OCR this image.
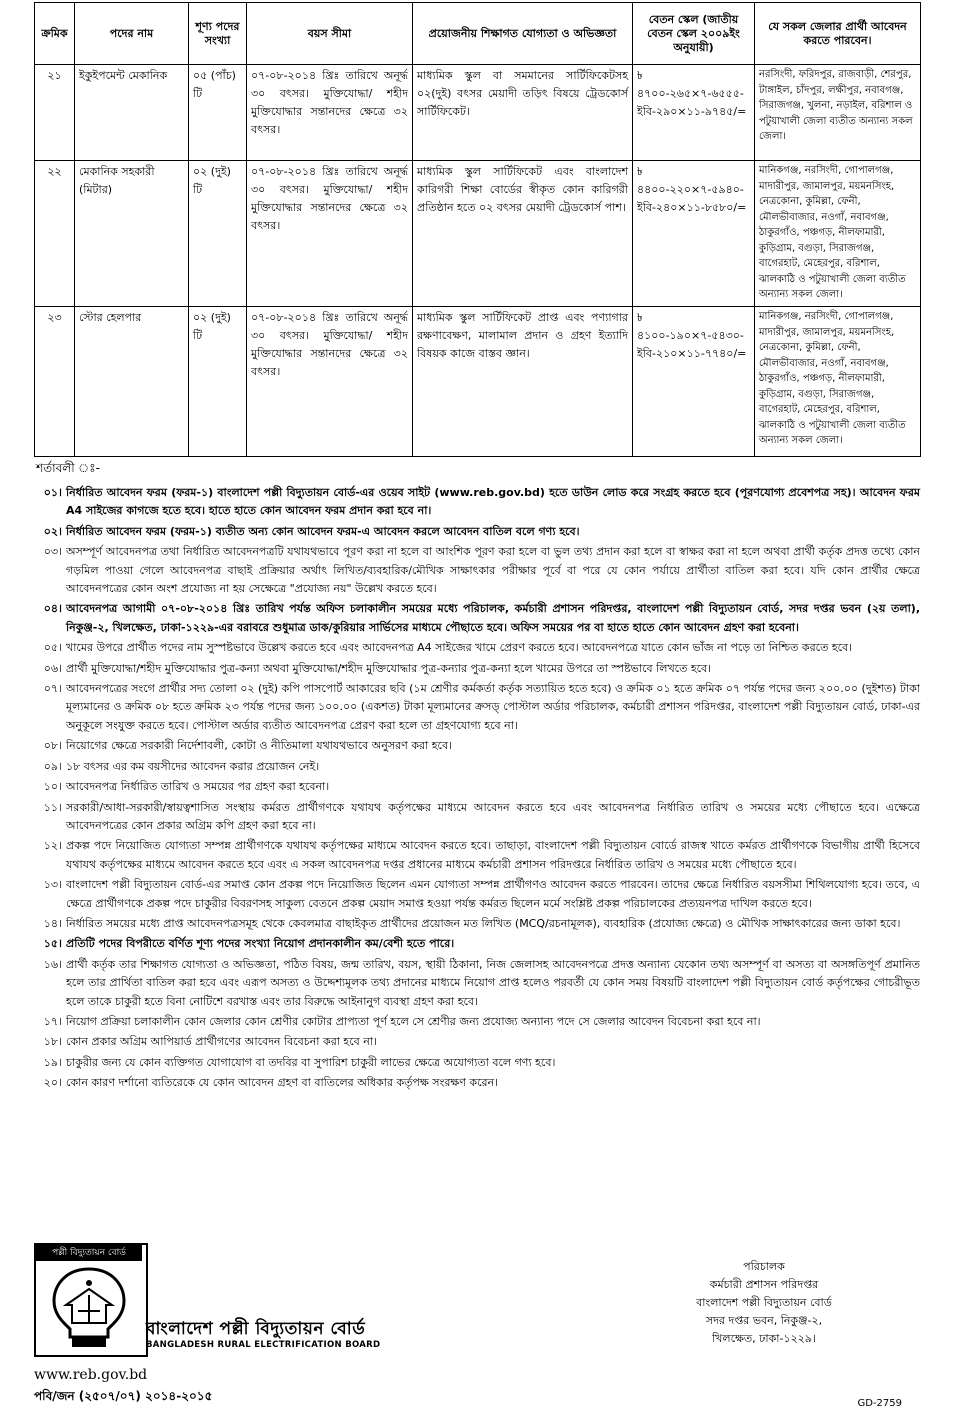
ক্রমিক	পদের নাম	শূণ্য পদের সংখ্যা	বয়স সীমা	প্রয়োজনীয় শিক্ষাগত যোগ্যতা ও অভিজ্ঞতা	বেতন স্কেল (জাতীয় বেতন স্কেল ২০০৯ইং অনুযায়ী)	যে সকল জেলার প্রার্থী আবেদন করতে পারবেন।
২১	ইকুইপমেন্ট মেকানিক	০৫ (পাঁচ) টি	০৭-০৮-২০১৪ খ্রিঃ তারিখে অনূর্দ্ধ ৩০ বৎসর। মুক্তিযোদ্ধা/ শহীদ মুক্তিযোদ্ধার সন্তানদের ক্ষেত্রে ৩২ বৎসর।	মাধ্যমিক স্কুল বা সমমানের সার্টিফিকেটসহ ০২(দুই) বৎসর মেয়াদী তড়িৎ বিষয়ে ট্রেডকোর্স সার্টিফিকেট।	৳ ৪৭০০-২৬৫×৭-৬৫৫৫-ইবি-২৯০×১১-৯৭৪৫/=	নরসিংদী, ফরিদপুর, রাজবাড়ী, শেরপুর, টাঙ্গাইল, চাঁদপুর, লক্ষীপুর, নবাবগঞ্জ, সিরাজগঞ্জ, খুলনা, নড়াইল, বরিশাল ও পটুয়াখালী জেলা ব্যতীত অন্যান্য সকল জেলা।
২২	মেকানিক সহকারী (মিটার)	০২ (দুই) টি	০৭-০৮-২০১৪ খ্রিঃ তারিখে অনূর্দ্ধ ৩০ বৎসর। মুক্তিযোদ্ধা/ শহীদ মুক্তিযোদ্ধার সন্তানদের ক্ষেত্রে ৩২ বৎসর।	মাধ্যমিক স্কুল সার্টিফিকেট এবং বাংলাদেশ কারিগরী শিক্ষা বোর্ডের স্বীকৃত কোন কারিগরী প্রতিষ্ঠান হতে ০২ বৎসর মেয়াদী ট্রেডকোর্স পাশ।	৳ ৪৪০০-২২০×৭-৫৯৪০-ইবি-২৪০×১১-৮৫৮০/=	মানিকগঞ্জ, নরসিংদী, গোপালগঞ্জ, মাদারীপুর, জামালপুর, ময়মনসিংহ, নেত্রকোনা, কুমিল্লা, ফেনী, মৌলভীবাজার, নওগাঁ, নবাবগঞ্জ, ঠাকুরগাঁও, পঞ্চগড়, নীলফামারী, কুড়িগ্রাম, বগুড়া, সিরাজগঞ্জ, বাগেরহাট, মেহেরপুর, বরিশাল, ঝালকাঠি ও পটুয়াখালী জেলা ব্যতীত অন্যান্য সকল জেলা।
২৩	স্টোর হেলপার	০২ (দুই) টি	০৭-০৮-২০১৪ খ্রিঃ তারিখে অনূর্দ্ধ ৩০ বৎসর। মুক্তিযোদ্ধা/ শহীদ মুক্তিযোদ্ধার সন্তানদের ক্ষেত্রে ৩২ বৎসর।	মাধ্যমিক স্কুল সার্টিফিকেট প্রাপ্ত এবং পণ্যাগার রক্ষণাবেক্ষণ, মালামাল প্রদান ও গ্রহণ ইত্যাদি বিষয়ক কাজে বাস্তব জ্ঞান।	৳ ৪১০০-১৯০×৭-৫৪৩০-ইবি-২১০×১১-৭৭৪০/=	মানিকগঞ্জ, নরসিংদী, গোপালগঞ্জ, মাদারীপুর, জামালপুর, ময়মনসিংহ, নেত্রকোনা, কুমিল্লা, ফেনী, মৌলভীবাজার, নওগাঁ, নবাবগঞ্জ, ঠাকুরগাঁও, পঞ্চগড়, নীলফামারী, কুড়িগ্রাম, বগুড়া, সিরাজগঞ্জ, বাগেরহাট, মেহেরপুর, বরিশাল, ঝালকাঠি ও পটুয়াখালী জেলা ব্যতীত অন্যান্য সকল জেলা।
শর্তাবলী ঃ-
০১। নির্ধারিত আবেদন ফরম (ফরম-১) বাংলাদেশ পল্লী বিদ্যুতায়ন বোর্ড-এর ওয়েব সাইট (www.reb.gov.bd) হতে ডাউন লোড করে সংগ্রহ করতে হবে (পূরণযোগ্য প্রবেশপত্র সহ)। আবেদন ফরম A4 সাইজের কাগজে হতে হবে। হাতে হাতে কোন আবেদন ফরম প্রদান করা হবে না।
০২। নির্ধারিত আবেদন ফরম (ফরম-১) ব্যতীত অন্য কোন আবেদন ফরম-এ আবেদন করলে আবেদন বাতিল বলে গণ্য হবে।
০৩। অসম্পূর্ণ আবেদনপত্র তথা নির্ধারিত আবেদনপত্রটি যথাযথভাবে পূরণ করা না হলে বা আংশিক পূরণ করা হলে বা ভুল তথ্য প্রদান করা হলে বা স্বাক্ষর করা না হলে অথবা প্রার্থী কর্তৃক প্রদত্ত তথ্যে কোন গড়মিল পাওয়া গেলে আবেদনপত্র বাছাই প্রক্রিয়ার অর্থাৎ লিখিত/ব্যবহারিক/মৌখিক সাক্ষাৎকার পরীক্ষার পূর্বে বা পরে যে কোন পর্যায়ে প্রার্থীতা বাতিল করা হবে। যদি কোন প্রার্থীর ক্ষেত্রে আবেদনপত্রের কোন অংশ প্রযোজ্য না হয় সেক্ষেত্রে "প্রযোজ্য নয়" উল্লেখ করতে হবে।
০৪। আবেদনপত্র আগামী ০৭-০৮-২০১৪ খ্রিঃ তারিখ পর্যন্ত অফিস চলাকালীন সময়ের মধ্যে পরিচালক, কর্মচারী প্রশাসন পরিদপ্তর, বাংলাদেশ পল্লী বিদ্যুতায়ন বোর্ড, সদর দপ্তর ভবন (২য় তলা), নিকুঞ্জ-২, খিলক্ষেত, ঢাকা-১২২৯-এর বরাবরে শুধুমাত্র ডাক/কুরিয়ার সার্ভিসের মাধ্যমে পৌছাতে হবে। অফিস সময়ের পর বা হাতে হাতে কোন আবেদন গ্রহণ করা হবেনা।
০৫। খামের উপরে প্রার্থীত পদের নাম সুস্পষ্টভাবে উল্লেখ করতে হবে এবং আবেদনপত্র A4 সাইজের খামে প্রেরণ করতে হবে। আবেদনপত্রে যাতে কোন ভাঁজ না পড়ে তা নিশ্চিত করতে হবে।
০৬। প্রার্থী মুক্তিযোদ্ধা/শহীদ মুক্তিযোদ্ধার পুত্র-কন্যা অথবা মুক্তিযোদ্ধা/শহীদ মুক্তিযোদ্ধার পুত্র-কন্যার পুত্র-কন্যা হলে খামের উপরে তা স্পষ্টভাবে লিখতে হবে।
০৭। আবেদনপত্রের সংগে প্রার্থীর সদ্য তোলা ০২ (দুই) কপি পাসপোর্ট আকারের ছবি (১ম শ্রেণীর কর্মকর্তা কর্তৃক সত্যায়িত হতে হবে) ও ক্রমিক ০১ হতে ক্রমিক ০৭ পর্যন্ত পদের জন্য ২০০.০০ (দুইশত) টাকা মূল্যমানের ও ক্রমিক ০৮ হতে ক্রমিক ২৩ পর্যন্ত পদের জন্য ১০০.০০ (একশত) টাকা মূল্যমানের ক্রসড্ পোস্টাল অর্ডার পরিচালক, কর্মচারী প্রশাসন পরিদপ্তর, বাংলাদেশ পল্লী বিদ্যুতায়ন বোর্ড, ঢাকা-এর অনুকূলে সংযুক্ত করতে হবে। পোস্টাল অর্ডার ব্যতীত আবেদনপত্র প্রেরণ করা হলে তা গ্রহণযোগ্য হবে না।
০৮। নিয়োগের ক্ষেত্রে সরকারী নির্দেশাবলী, কোটা ও নীতিমালা যথাযথভাবে অনুসরণ করা হবে।
০৯। ১৮ বৎসর এর কম বয়সীদের আবেদন করার প্রয়োজন নেই।
১০। আবেদনপত্র নির্ধারিত তারিখ ও সময়ের পর গ্রহণ করা হবেনা।
১১। সরকারী/আধা-সরকারী/স্বায়ত্বশাসিত সংস্থায় কর্মরত প্রার্থীগণকে যথাযথ কর্তৃপক্ষের মাধ্যমে আবেদন করতে হবে এবং আবেদনপত্র নির্ধারিত তারিখ ও সময়ের মধ্যে পৌছাতে হবে। এক্ষেত্রে আবেদনপত্রের কোন প্রকার অগ্রিম কপি গ্রহণ করা হবে না।
১২। প্রকল্প পদে নিয়োজিত যোগ্যতা সম্পন্ন প্রার্থীগণকে যথাযথ কর্তৃপক্ষের মাধ্যমে আবেদন করতে হবে। তাছাড়া, বাংলাদেশ পল্লী বিদ্যুতায়ন বোর্ডে রাজস্ব খাতে কর্মরত প্রার্থীগণকে বিভাগীয় প্রার্থী হিসেবে যথাযথ কর্তৃপক্ষের মাধ্যমে আবেদন করতে হবে এবং এ সকল আবেদনপত্র দপ্তর প্রধানের মাধ্যমে কর্মচারী প্রশাসন পরিদপ্তরে নির্ধারিত তারিখ ও সময়ের মধ্যে পৌছাতে হবে।
১৩। বাংলাদেশ পল্লী বিদ্যুতায়ন বোর্ড-এর সমাপ্ত কোন প্রকল্প পদে নিয়োজিত ছিলেন এমন যোগ্যতা সম্পন্ন প্রার্থীগণও আবেদন করতে পারবেন। তাদের ক্ষেত্রে নির্ধারিত বয়সসীমা শিথিলযোগ্য হবে। তবে, এ ক্ষেত্রে প্রার্থীগণকে প্রকল্প পদে চাকুরীর বিবরণসহ সাকুল্য বেতনে প্রকল্প মেয়াদ সমাপ্ত হওয়া পর্যন্ত কর্মরত ছিলেন মর্মে সংশ্লিষ্ট প্রকল্প পরিচালকের প্রত্যয়নপত্র দাখিল করতে হবে।
১৪। নির্ধারিত সময়ের মধ্যে প্রাপ্ত আবেদনপত্রসমূহ থেকে কেবলমাত্র বাছাইকৃত প্রার্থীদের প্রয়োজন মত লিখিত (MCQ/রচনামূলক), ব্যবহারিক (প্রযোজ্য ক্ষেত্রে) ও মৌখিক সাক্ষাৎকারের জন্য ডাকা হবে।
১৫। প্রতিটি পদের বিপরীতে বর্ণিত শূণ্য পদের সংখ্যা নিয়োগ প্রদানকালীন কম/বেশী হতে পারে।
১৬। প্রার্থী কর্তৃক তার শিক্ষাগত যোগ্যতা ও অভিজ্ঞতা, পঠিত বিষয়, জন্ম তারিখ, বয়স, স্থায়ী ঠিকানা, নিজ জেলাসহ আবেদনপত্রে প্রদত্ত অন্যান্য যেকোন তথ্য অসম্পূর্ণ বা অসত্য বা অসঙ্গতিপূর্ণ প্রমানিত হলে তার প্রার্থিতা বাতিল করা হবে এবং এরূপ অসত্য ও উদ্দেশ্যমূলক তথ্য প্রদানের মাধ্যমে নিয়োগ প্রাপ্ত হলেও পরবর্তী যে কোন সময় বিষয়টি বাংলাদেশ পল্লী বিদ্যুতায়ন বোর্ড কর্তৃপক্ষের গোচরীভূত হলে তাকে চাকুরী হতে বিনা নোটিশে বরখাস্ত এবং তার বিরুদ্ধে আইনানুগ ব্যবস্থা গ্রহণ করা হবে।
১৭। নিয়োগ প্রক্রিয়া চলাকালীন কোন জেলার কোন শ্রেণীর কোটার প্রাপ্যতা পূর্ণ হলে সে শ্রেণীর জন্য প্রযোজ্য অন্যান্য পদে সে জেলার আবেদন বিবেচনা করা হবে না।
১৮। কোন প্রকার অগ্রিম আপিয়ার্ড প্রার্থীগণের আবেদন বিবেচনা করা হবে না।
১৯। চাকুরীর জন্য যে কোন ব্যক্তিগত যোগাযোগ বা তদবির বা সুপারিশ চাকুরী লাভের ক্ষেত্রে অযোগ্যতা বলে গণ্য হবে।
২০। কোন কারণ দর্শানো ব্যতিরেকে যে কোন আবেদন গ্রহণ বা বাতিলের অধিকার কর্তৃপক্ষ সংরক্ষণ করেন।
পল্লী বিদ্যুতায়ন বোর্ড
বাংলাদেশ পল্লী বিদ্যুতায়ন বোর্ড
BANGLADESH RURAL ELECTRIFICATION BOARD
www.reb.gov.bd
পবি/জন (২৫০৭/০৭) ২০১৪-২০১৫
পরিচালক
কর্মচারী প্রশাসন পরিদপ্তর
বাংলাদেশ পল্লী বিদ্যুতায়ন বোর্ড
সদর দপ্তর ভবন, নিকুঞ্জ-২,
খিলক্ষেত, ঢাকা-১২২৯।
GD-2759
